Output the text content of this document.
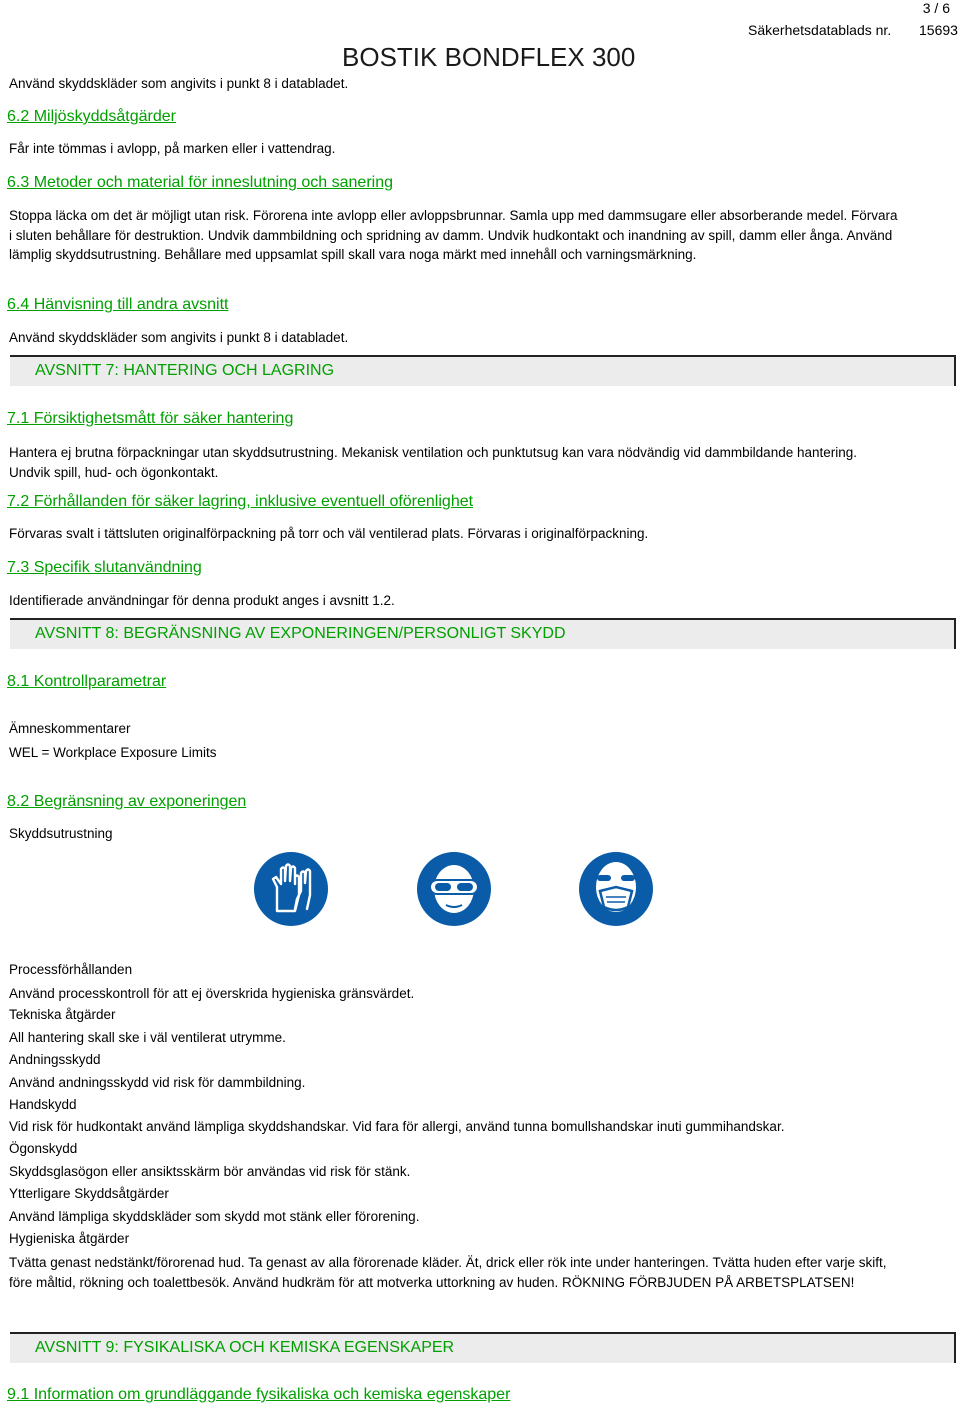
3 / 6
Säkerhetsdatablads nr. 15693
BOSTIK BONDFLEX 300
Använd skyddskläder som angivits i punkt 8 i databladet.
6.2 Miljöskyddsåtgärder
Får inte tömmas i avlopp, på marken eller i vattendrag.
6.3 Metoder och material för inneslutning och sanering
Stoppa läcka om det är möjligt utan risk. Förorena inte avlopp eller avloppsbrunnar. Samla upp med dammsugare eller absorberande medel. Förvara i sluten behållare för destruktion. Undvik dammbildning och spridning av damm. Undvik hudkontakt och inandning av spill, damm eller ånga. Använd lämplig skyddsutrustning. Behållare med uppsamlat spill skall vara noga märkt med innehåll och varningsmärkning.
6.4 Hänvisning till andra avsnitt
Använd skyddskläder som angivits i punkt 8 i databladet.
AVSNITT 7: HANTERING OCH LAGRING
7.1 Försiktighetsmått för säker hantering
Hantera ej brutna förpackningar utan skyddsutrustning. Mekanisk ventilation och punktutsug kan vara nödvändig vid dammbildande hantering. Undvik spill, hud- och ögonkontakt.
7.2 Förhållanden för säker lagring, inklusive eventuell oförenlighet
Förvaras svalt i tättsluten originalförpackning på torr och väl ventilerad plats. Förvaras i originalförpackning.
7.3 Specifik slutanvändning
Identifierade användningar för denna produkt anges i avsnitt 1.2.
AVSNITT 8: BEGRÄNSNING AV EXPONERINGEN/PERSONLIGT SKYDD
8.1 Kontrollparametrar
Ämneskommentarer
WEL = Workplace Exposure Limits
8.2 Begränsning av exponeringen
Skyddsutrustning
Processförhållanden
Använd processkontroll för att ej överskrida hygieniska gränsvärdet.
Tekniska åtgärder
All hantering skall ske i väl ventilerat utrymme.
Andningsskydd
Använd andningsskydd vid risk för dammbildning.
Handskydd
Vid risk för hudkontakt använd lämpliga skyddshandskar. Vid fara för allergi, använd tunna bomullshandskar inuti gummihandskar.
Ögonskydd
Skyddsglasögon eller ansiktsskärm bör användas vid risk för stänk.
Ytterligare Skyddsåtgärder
Använd lämpliga skyddskläder som skydd mot stänk eller förorening.
Hygieniska åtgärder
Tvätta genast nedstänkt/förorenad hud. Ta genast av alla förorenade kläder. Ät, drick eller rök inte under hanteringen. Tvätta huden efter varje skift, före måltid, rökning och toalettbesök. Använd hudkräm för att motverka uttorkning av huden. RÖKNING FÖRBJUDEN PÅ ARBETSPLATSEN!
AVSNITT 9: FYSIKALISKA OCH KEMISKA EGENSKAPER
9.1 Information om grundläggande fysikaliska och kemiska egenskaper
